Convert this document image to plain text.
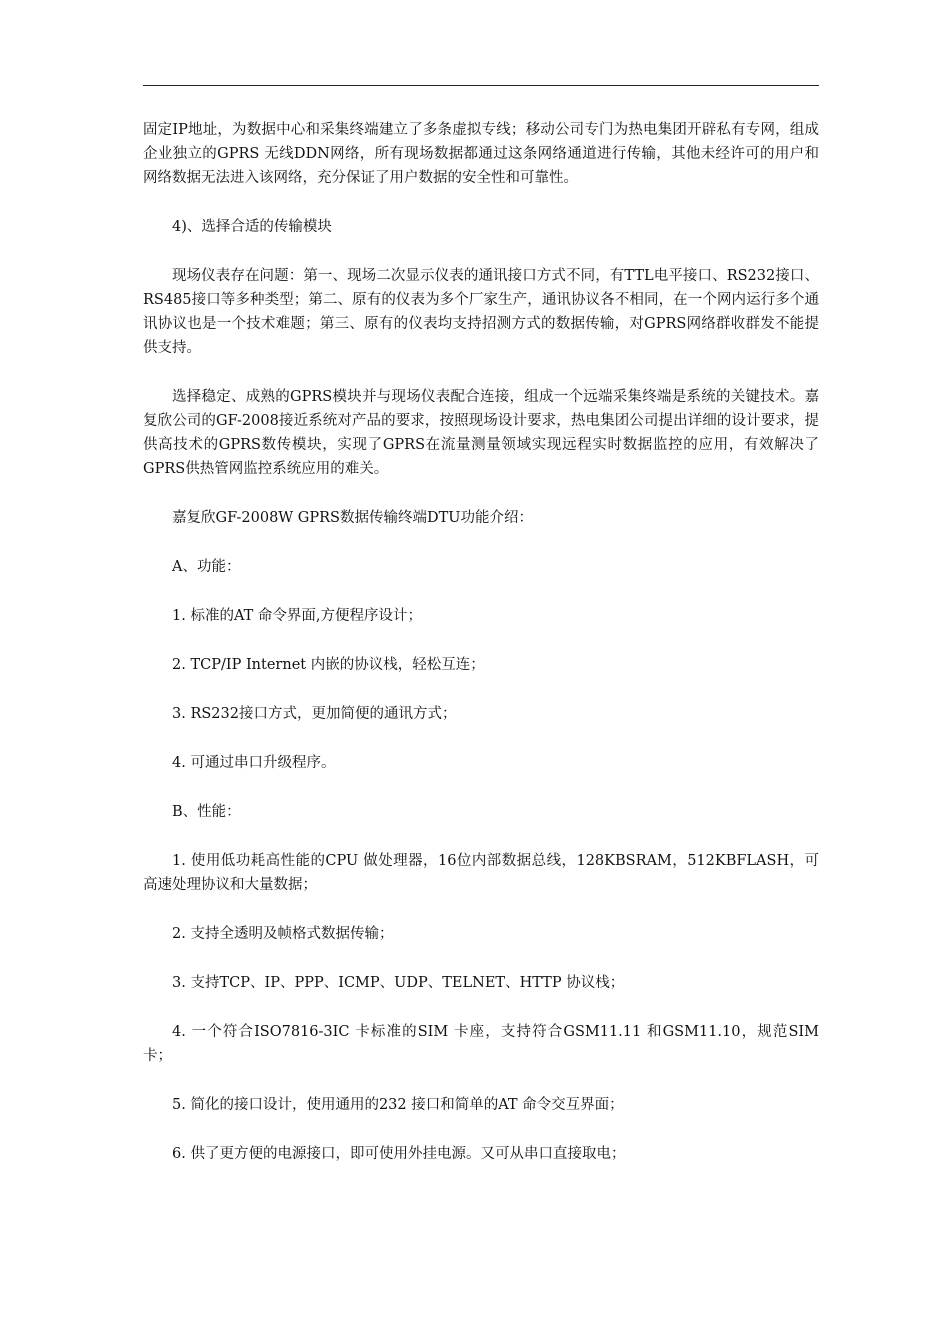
固定IP地址，为数据中心和采集终端建立了多条虚拟专线；移动公司专门为热电集团开辟私有专网，组成企业独立的GPRS 无线DDN网络，所有现场数据都通过这条网络通道进行传输，其他未经许可的用户和网络数据无法进入该网络，充分保证了用户数据的安全性和可靠性。

4)、选择合适的传输模块

现场仪表存在问题：第一、现场二次显示仪表的通讯接口方式不同，有TTL电平接口、RS232接口、RS485接口等多种类型；第二、原有的仪表为多个厂家生产，通讯协议各不相同，在一个网内运行多个通讯协议也是一个技术难题；第三、原有的仪表均支持招测方式的数据传输，对GPRS网络群收群发不能提供支持。

选择稳定、成熟的GPRS模块并与现场仪表配合连接，组成一个远端采集终端是系统的关键技术。嘉复欣公司的GF-2008接近系统对产品的要求，按照现场设计要求，热电集团公司提出详细的设计要求，提供高技术的GPRS数传模块，实现了GPRS在流量测量领域实现远程实时数据监控的应用，有效解决了GPRS供热管网监控系统应用的难关。

嘉复欣GF-2008W GPRS数据传输终端DTU功能介绍：

A、功能：

1. 标准的AT 命令界面,方便程序设计；

2. TCP/IP Internet 内嵌的协议栈，轻松互连；

3. RS232接口方式，更加简便的通讯方式；

4. 可通过串口升级程序。

B、性能：

1. 使用低功耗高性能的CPU 做处理器，16位内部数据总线，128KBSRAM，512KBFLASH，可高速处理协议和大量数据；

2. 支持全透明及帧格式数据传输；

3. 支持TCP、IP、PPP、ICMP、UDP、TELNET、HTTP 协议栈；

4. 一个符合ISO7816-3IC 卡标准的SIM 卡座，支持符合GSM11.11 和GSM11.10，规范SIM 卡；

5. 简化的接口设计，使用通用的232 接口和简单的AT 命令交互界面；

6. 供了更方便的电源接口，即可使用外挂电源。又可从串口直接取电；
